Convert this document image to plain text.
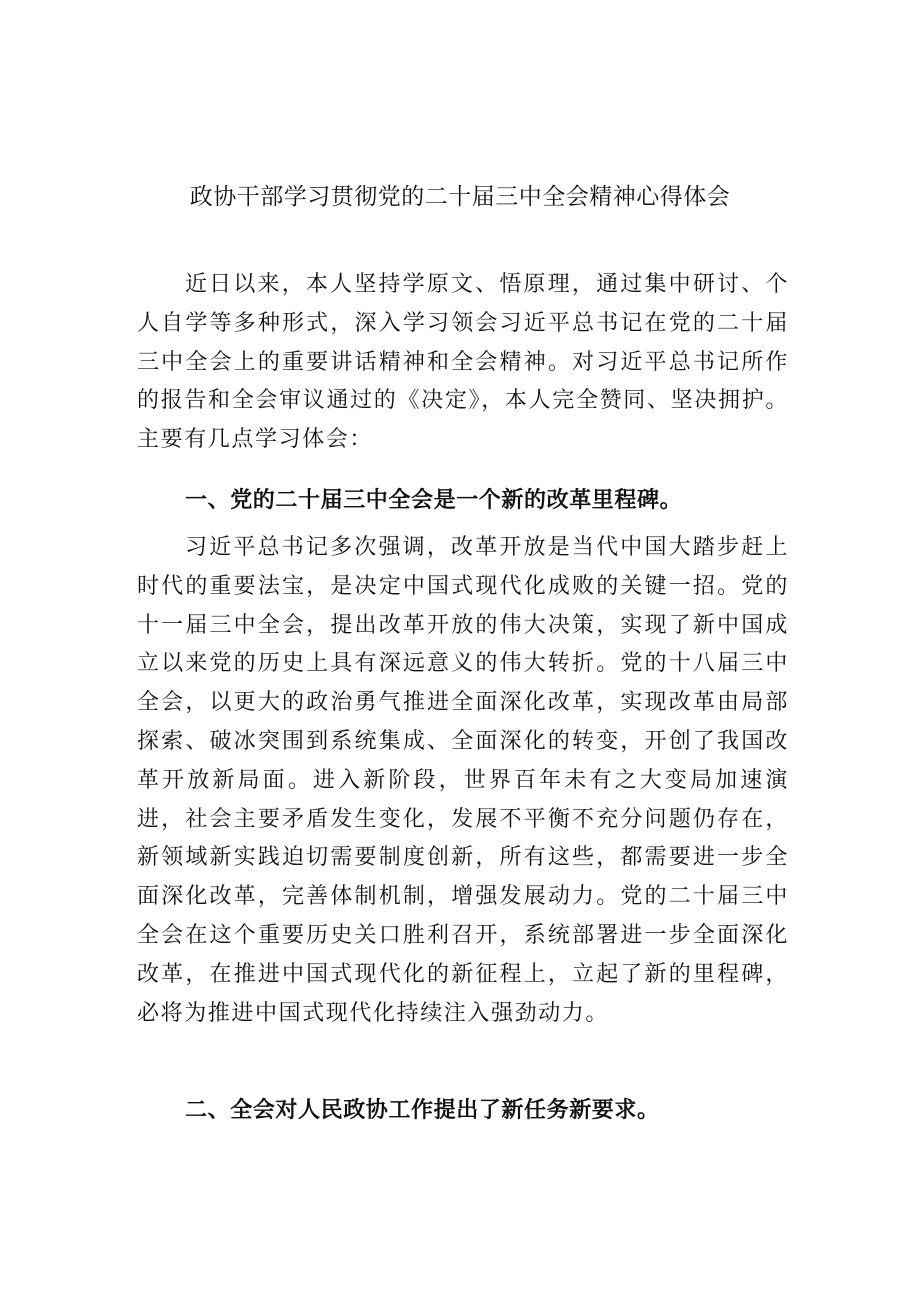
政协干部学习贯彻党的二十届三中全会精神心得体会

近日以来，本人坚持学原文、悟原理，通过集中研讨、个人自学等多种形式，深入学习领会习近平总书记在党的二十届三中全会上的重要讲话精神和全会精神。对习近平总书记所作的报告和全会审议通过的《决定》，本人完全赞同、坚决拥护。主要有几点学习体会：

一、党的二十届三中全会是一个新的改革里程碑。

习近平总书记多次强调，改革开放是当代中国大踏步赶上时代的重要法宝，是决定中国式现代化成败的关键一招。党的十一届三中全会，提出改革开放的伟大决策，实现了新中国成立以来党的历史上具有深远意义的伟大转折。党的十八届三中全会，以更大的政治勇气推进全面深化改革，实现改革由局部探索、破冰突围到系统集成、全面深化的转变，开创了我国改革开放新局面。进入新阶段，世界百年未有之大变局加速演进，社会主要矛盾发生变化，发展不平衡不充分问题仍存在，新领域新实践迫切需要制度创新，所有这些，都需要进一步全面深化改革，完善体制机制，增强发展动力。党的二十届三中全会在这个重要历史关口胜利召开，系统部署进一步全面深化改革，在推进中国式现代化的新征程上，立起了新的里程碑，必将为推进中国式现代化持续注入强劲动力。

二、全会对人民政协工作提出了新任务新要求。
